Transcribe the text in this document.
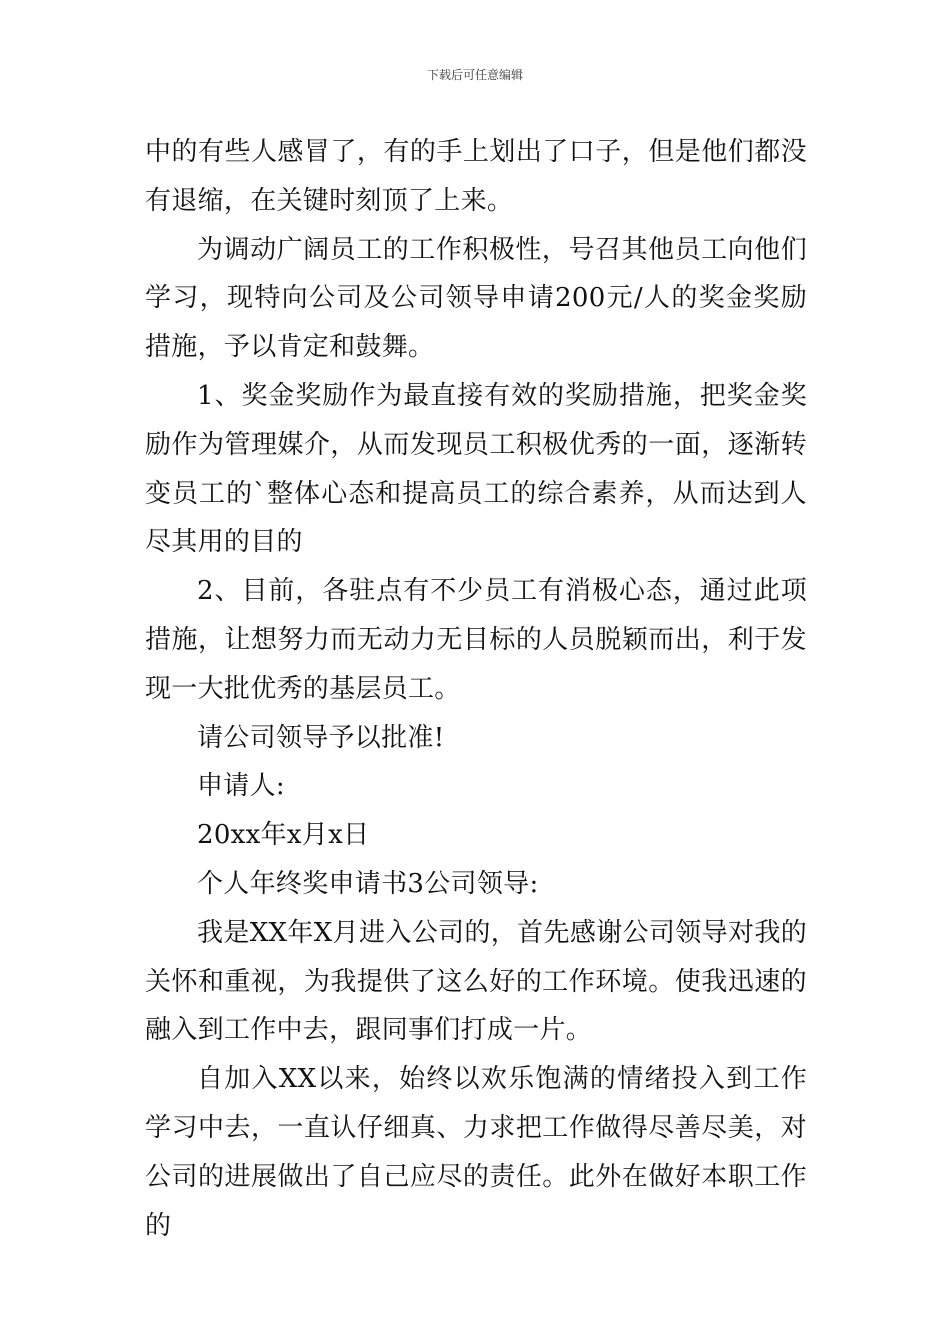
下载后可任意编辑

中的有些人感冒了，有的手上划出了口子，但是他们都没有退缩，在关键时刻顶了上来。

为调动广阔员工的工作积极性，号召其他员工向他们学习，现特向公司及公司领导申请200元/人的奖金奖励措施，予以肯定和鼓舞。

1、奖金奖励作为最直接有效的奖励措施，把奖金奖励作为管理媒介，从而发现员工积极优秀的一面，逐渐转变员工的`整体心态和提高员工的综合素养，从而达到人尽其用的目的

2、目前，各驻点有不少员工有消极心态，通过此项措施，让想努力而无动力无目标的人员脱颖而出，利于发现一大批优秀的基层员工。

请公司领导予以批准!

申请人:

20xx年x月x日

个人年终奖申请书3公司领导:

我是XX年X月进入公司的，首先感谢公司领导对我的关怀和重视，为我提供了这么好的工作环境。使我迅速的融入到工作中去，跟同事们打成一片。

自加入XX以来，始终以欢乐饱满的情绪投入到工作学习中去，一直认仔细真、力求把工作做得尽善尽美，对公司的进展做出了自己应尽的责任。此外在做好本职工作的
